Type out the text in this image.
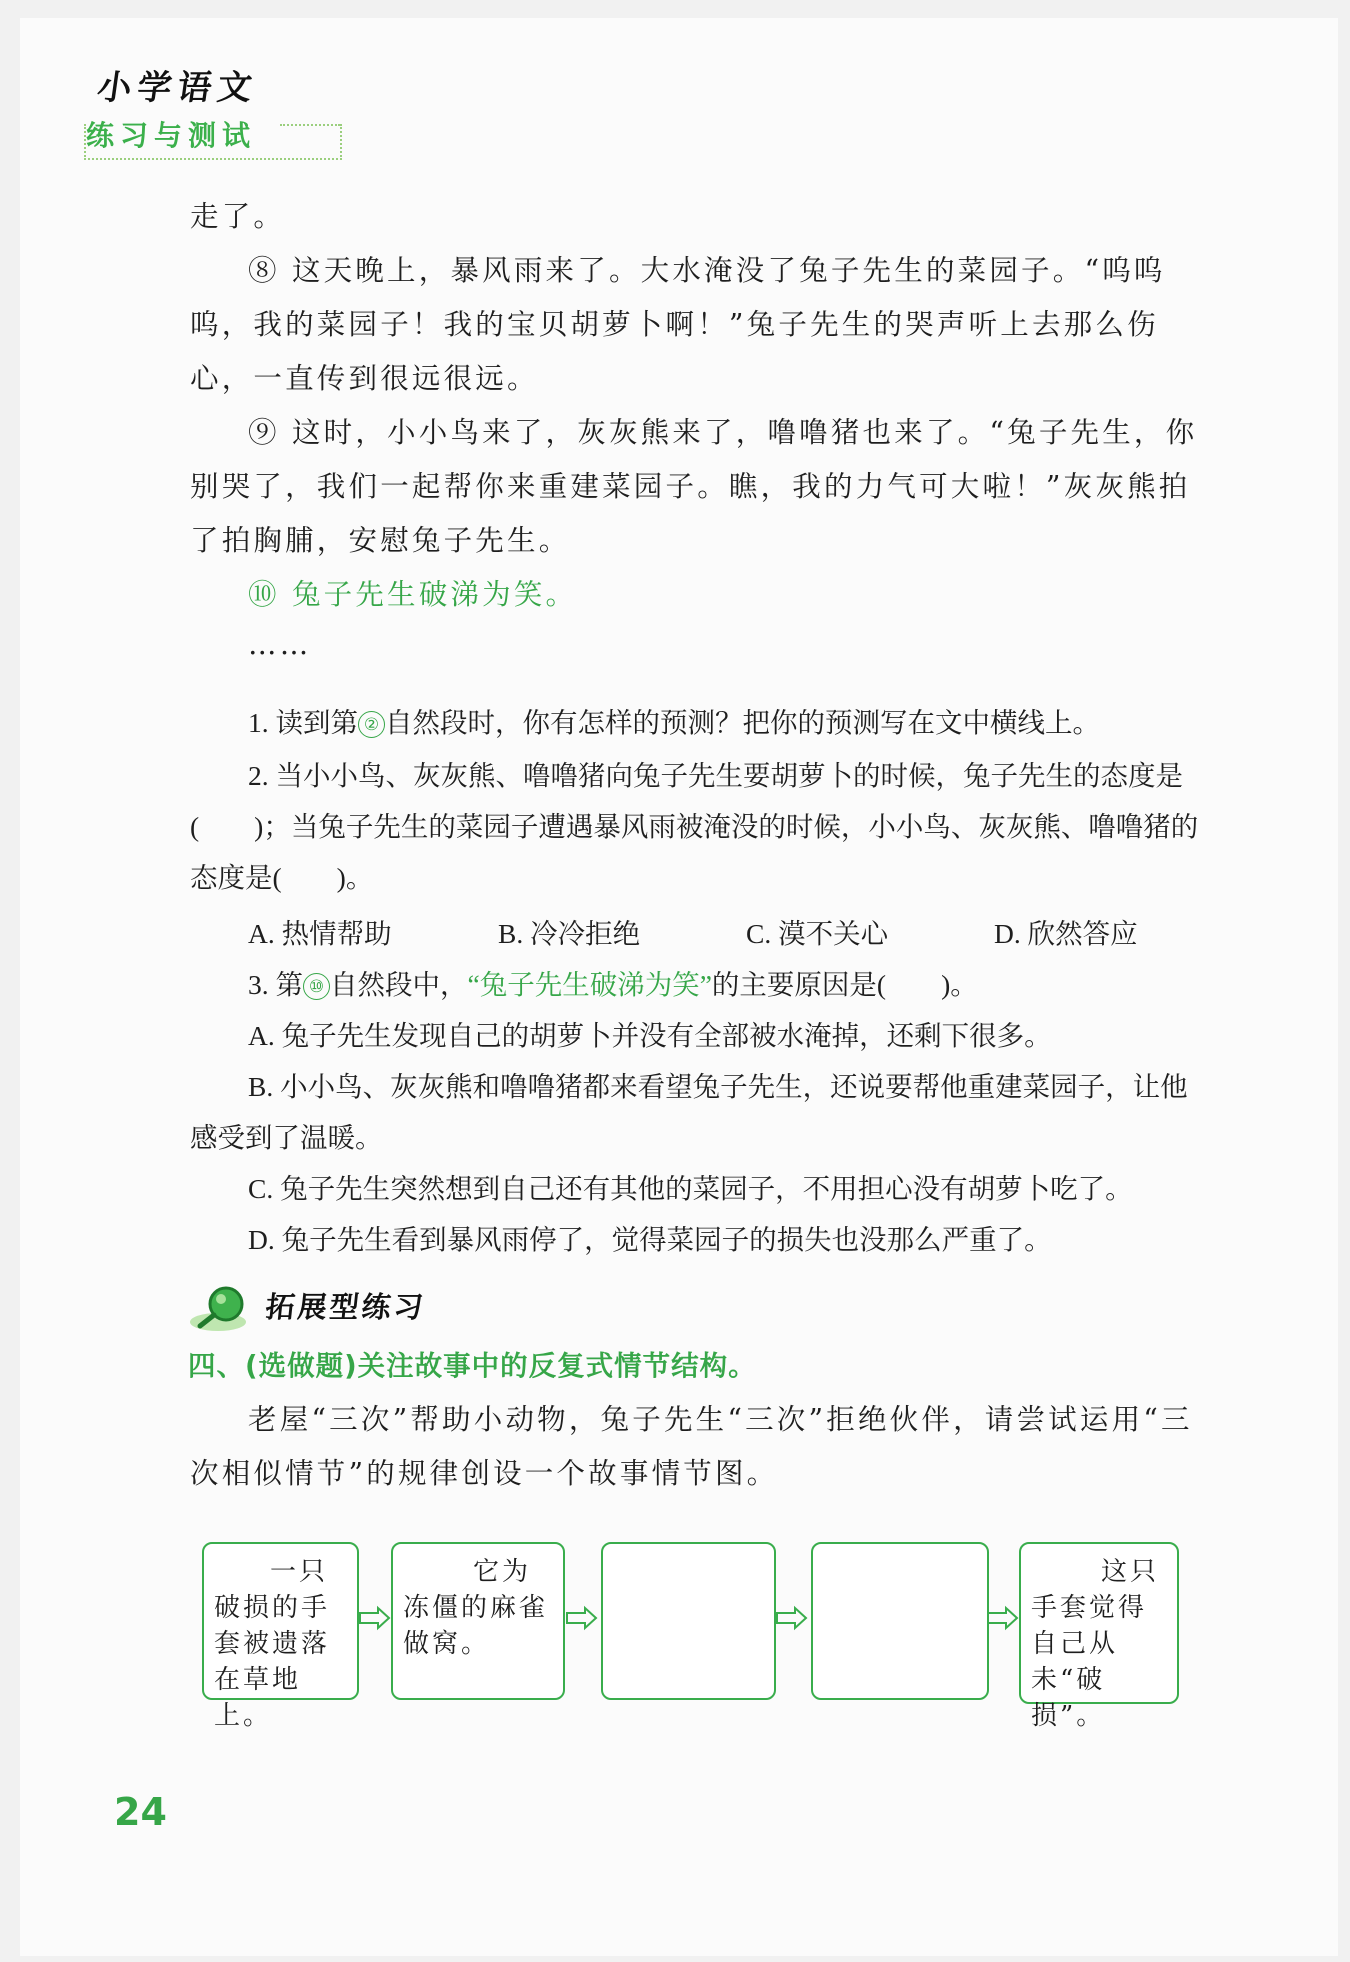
小学语文
练习与测试
走了。
⑧ 这天晚上，暴风雨来了。大水淹没了兔子先生的菜园子。“呜呜呜，我的菜园子！我的宝贝胡萝卜啊！”兔子先生的哭声听上去那么伤心，一直传到很远很远。
⑨ 这时，小小鸟来了，灰灰熊来了，噜噜猪也来了。“兔子先生，你别哭了，我们一起帮你来重建菜园子。瞧，我的力气可大啦！”灰灰熊拍了拍胸脯，安慰兔子先生。
⑩ 兔子先生破涕为笑。
……
1. 读到第 ② 自然段时，你有怎样的预测？把你的预测写在文中横线上。
2. 当小小鸟、灰灰熊、噜噜猪向兔子先生要胡萝卜的时候，兔子先生的态度是(　　)；当兔子先生的菜园子遭遇暴风雨被淹没的时候，小小鸟、灰灰熊、噜噜猪的态度是(　　)。
A. 热情帮助	B. 冷冷拒绝	C. 漠不关心	D. 欣然答应
3. 第 ⑩ 自然段中，“兔子先生破涕为笑”的主要原因是(　　)。
A. 兔子先生发现自己的胡萝卜并没有全部被水淹掉，还剩下很多。
B. 小小鸟、灰灰熊和噜噜猪都来看望兔子先生，还说要帮他重建菜园子，让他感受到了温暖。
C. 兔子先生突然想到自己还有其他的菜园子，不用担心没有胡萝卜吃了。
D. 兔子先生看到暴风雨停了，觉得菜园子的损失也没那么严重了。
拓展型练习
四、(选做题)关注故事中的反复式情节结构。
老屋“三次”帮助小动物，兔子先生“三次”拒绝伙伴，请尝试运用“三次相似情节”的规律创设一个故事情节图。
一只破损的手套被遗落在草地上。
它为冻僵的麻雀做窝。
这只手套觉得自己从未“破损”。
24
